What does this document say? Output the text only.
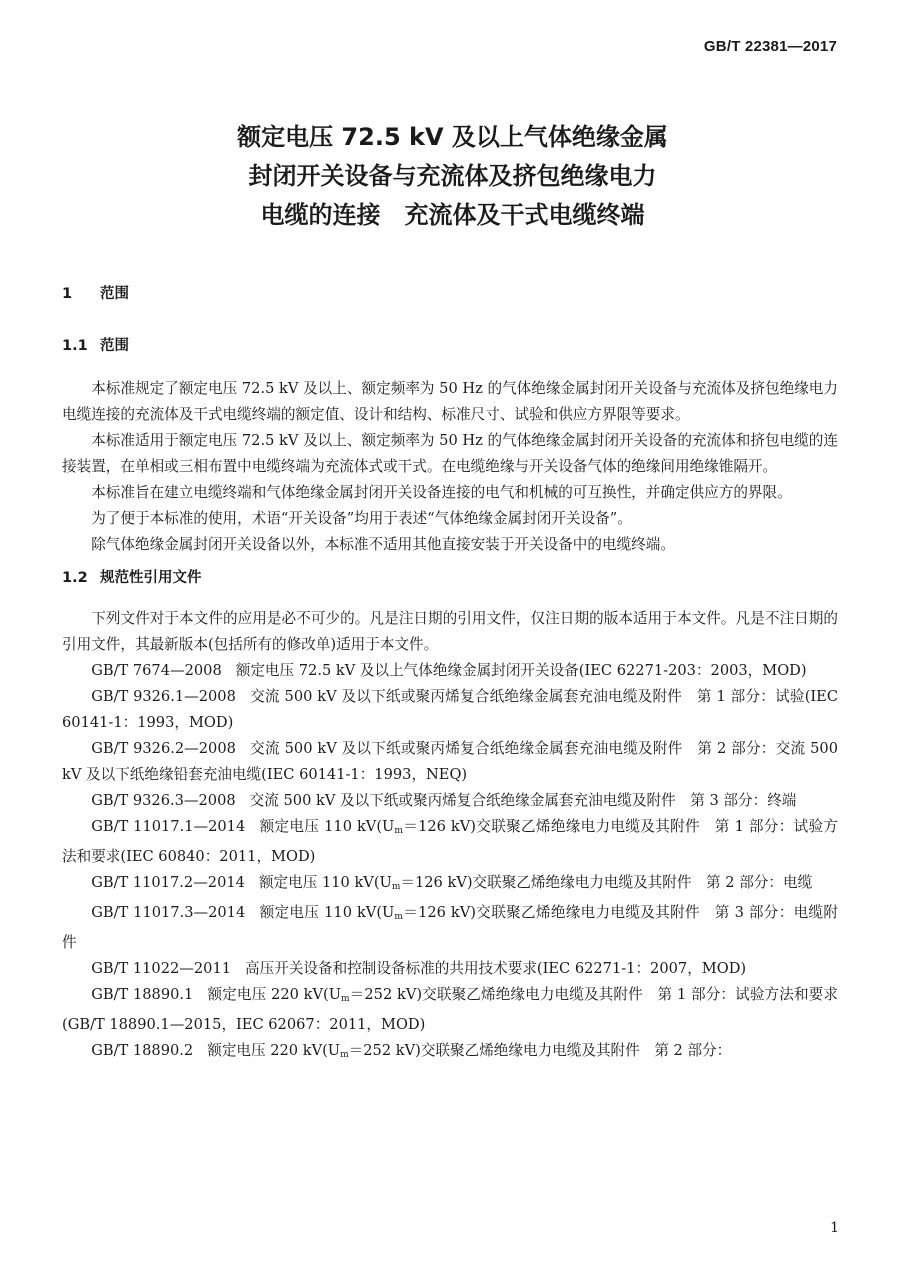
GB/T 22381—2017
额定电压 72.5 kV 及以上气体绝缘金属
封闭开关设备与充流体及挤包绝缘电力
电缆的连接　充流体及干式电缆终端
1 范围
1.1 范围

本标准规定了额定电压 72.5 kV 及以上、额定频率为 50 Hz 的气体绝缘金属封闭开关设备与充流体及挤包绝缘电力电缆连接的充流体及干式电缆终端的额定值、设计和结构、标准尺寸、试验和供应方界限等要求。

本标准适用于额定电压 72.5 kV 及以上、额定频率为 50 Hz 的气体绝缘金属封闭开关设备的充流体和挤包电缆的连接装置，在单相或三相布置中电缆终端为充流体式或干式。在电缆绝缘与开关设备气体的绝缘间用绝缘锥隔开。

本标准旨在建立电缆终端和气体绝缘金属封闭开关设备连接的电气和机械的可互换性，并确定供应方的界限。

为了便于本标准的使用，术语“开关设备”均用于表述“气体绝缘金属封闭开关设备”。

除气体绝缘金属封闭开关设备以外，本标准不适用其他直接安装于开关设备中的电缆终端。

1.2 规范性引用文件

下列文件对于本文件的应用是必不可少的。凡是注日期的引用文件，仅注日期的版本适用于本文件。凡是不注日期的引用文件，其最新版本(包括所有的修改单)适用于本文件。

GB/T 7674—2008 额定电压 72.5 kV 及以上气体绝缘金属封闭开关设备(IEC 62271-203：2003，MOD)
GB/T 9326.1—2008 交流 500 kV 及以下纸或聚丙烯复合纸绝缘金属套充油电缆及附件　第 1 部分：试验(IEC 60141-1：1993，MOD)
GB/T 9326.2—2008 交流 500 kV 及以下纸或聚丙烯复合纸绝缘金属套充油电缆及附件　第 2 部分：交流 500 kV 及以下纸绝缘铅套充油电缆(IEC 60141-1：1993，NEQ)
GB/T 9326.3—2008 交流 500 kV 及以下纸或聚丙烯复合纸绝缘金属套充油电缆及附件　第 3 部分：终端
GB/T 11017.1—2014 额定电压 110 $kV(U_m=126$ kV)交联聚乙烯绝缘电力电缆及其附件　第 1 部分：试验方法和要求(IEC 60840：2011，MOD)
GB/T 11017.2—2014 额定电压 110 $kV(U_m=126$ kV)交联聚乙烯绝缘电力电缆及其附件　第 2 部分：电缆
GB/T 11017.3—2014 额定电压 110 $kV(U_m=126$ kV)交联聚乙烯绝缘电力电缆及其附件　第 3 部分：电缆附件
GB/T 11022—2011 高压开关设备和控制设备标准的共用技术要求(IEC 62271-1：2007，MOD)
GB/T 18890.1 额定电压 220 $kV(U_m=252$ kV)交联聚乙烯绝缘电力电缆及其附件　第 1 部分：试验方法和要求(GB/T 18890.1—2015，IEC 62067：2011，MOD)
GB/T 18890.2 额定电压 220 $kV(U_m=252$ kV)交联聚乙烯绝缘电力电缆及其附件　第 2 部分：
1
